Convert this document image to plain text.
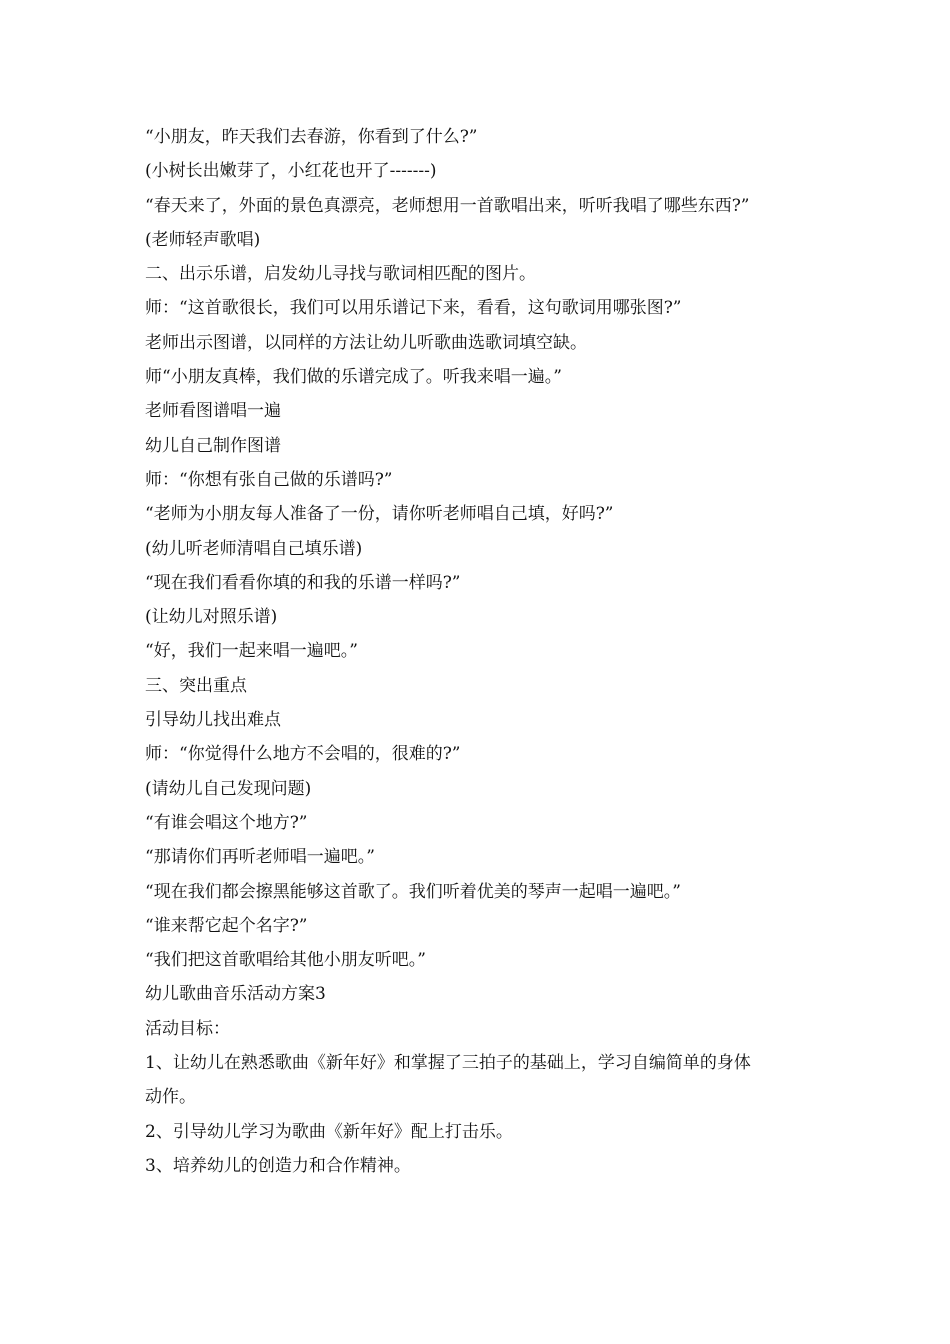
“小朋友，昨天我们去春游，你看到了什么?”
(小树长出嫩芽了，小红花也开了-------)
“春天来了，外面的景色真漂亮，老师想用一首歌唱出来，听听我唱了哪些东西?”
(老师轻声歌唱)
二、出示乐谱，启发幼儿寻找与歌词相匹配的图片。
师：“这首歌很长，我们可以用乐谱记下来，看看，这句歌词用哪张图?”
老师出示图谱，以同样的方法让幼儿听歌曲选歌词填空缺。
师“小朋友真棒，我们做的乐谱完成了。听我来唱一遍。”
老师看图谱唱一遍
幼儿自己制作图谱
师：“你想有张自己做的乐谱吗?”
“老师为小朋友每人准备了一份，请你听老师唱自己填，好吗?”
(幼儿听老师清唱自己填乐谱)
“现在我们看看你填的和我的乐谱一样吗?”
(让幼儿对照乐谱)
“好，我们一起来唱一遍吧。”
三、突出重点
引导幼儿找出难点
师：“你觉得什么地方不会唱的，很难的?”
(请幼儿自己发现问题)
“有谁会唱这个地方?”
“那请你们再听老师唱一遍吧。”
“现在我们都会擦黑能够这首歌了。我们听着优美的琴声一起唱一遍吧。”
“谁来帮它起个名字?”
“我们把这首歌唱给其他小朋友听吧。”
幼儿歌曲音乐活动方案3
活动目标：
1、让幼儿在熟悉歌曲《新年好》和掌握了三拍子的基础上，学习自编简单的身体
动作。
2、引导幼儿学习为歌曲《新年好》配上打击乐。
3、培养幼儿的创造力和合作精神。
